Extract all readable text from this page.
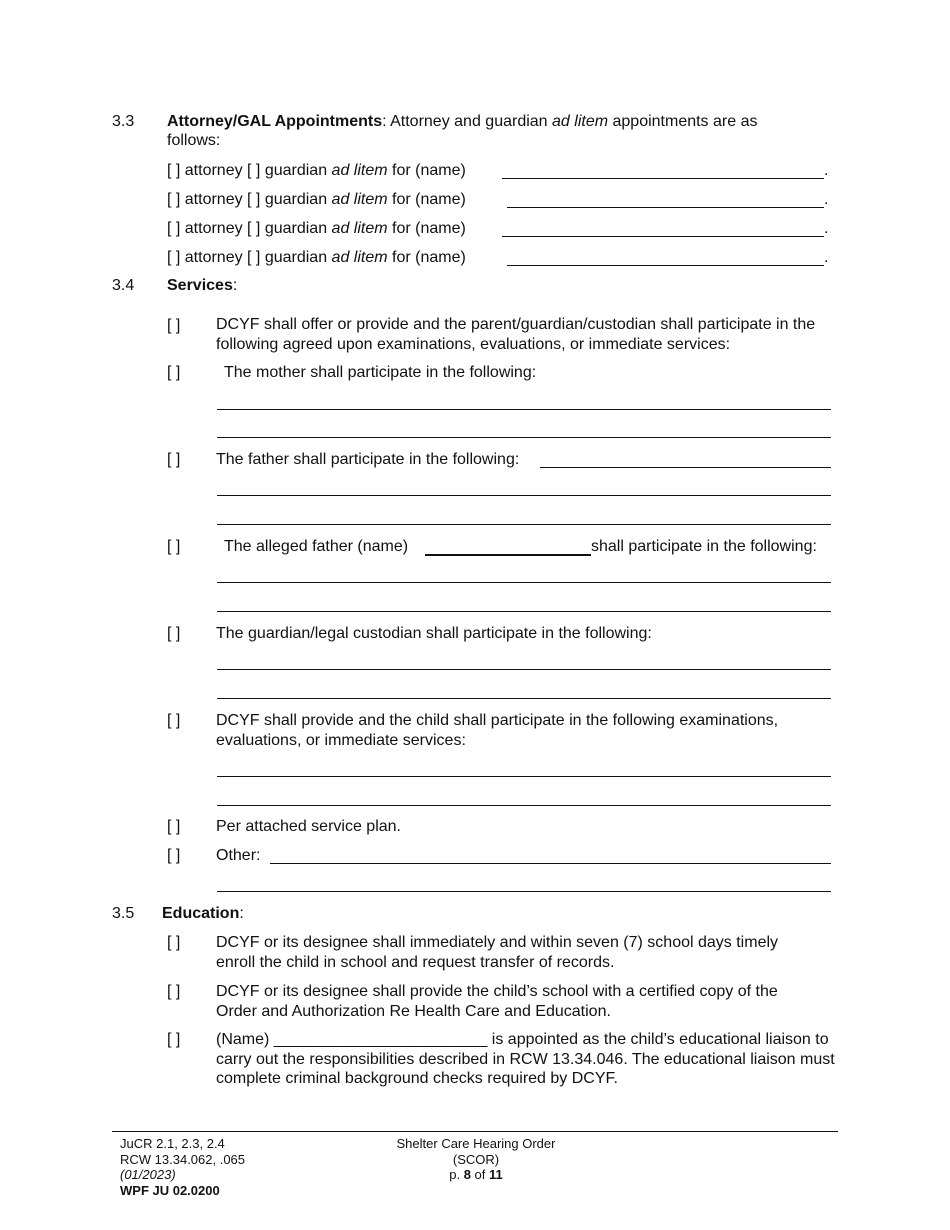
3.3 Attorney/GAL Appointments: Attorney and guardian ad litem appointments are as
follows:
[ ] attorney [ ] guardian ad litem for (name)	.
[ ] attorney [ ] guardian ad litem for (name)	.
[ ] attorney [ ] guardian ad litem for (name)	.
[ ] attorney [ ] guardian ad litem for (name)	.
3.4 Services:
[ ] DCYF shall offer or provide and the parent/guardian/custodian shall participate in the following agreed upon examinations, evaluations, or immediate services:
[ ]	The mother shall participate in the following:
[ ] The father shall participate in the following:
[ ]	The alleged father (name)	shall participate in the following:
[ ] The guardian/legal custodian shall participate in the following:
[ ] DCYF shall provide and the child shall participate in the following examinations, evaluations, or immediate services:
[ ] Per attached service plan.
[ ] Other:
3.5 Education:
[ ] DCYF or its designee shall immediately and within seven (7) school days timely enroll the child in school and request transfer of records.
[ ] DCYF or its designee shall provide the child’s school with a certified copy of the Order and Authorization Re Health Care and Education.
[ ] (Name) ________________________ is appointed as the child’s educational liaison to carry out the responsibilities described in RCW 13.34.046. The educational liaison must complete criminal background checks required by DCYF.
JuCR 2.1, 2.3, 2.4
RCW 13.34.062, .065
(01/2023)
WPF JU 02.0200
Shelter Care Hearing Order
(SCOR)
p. 8 of 11
